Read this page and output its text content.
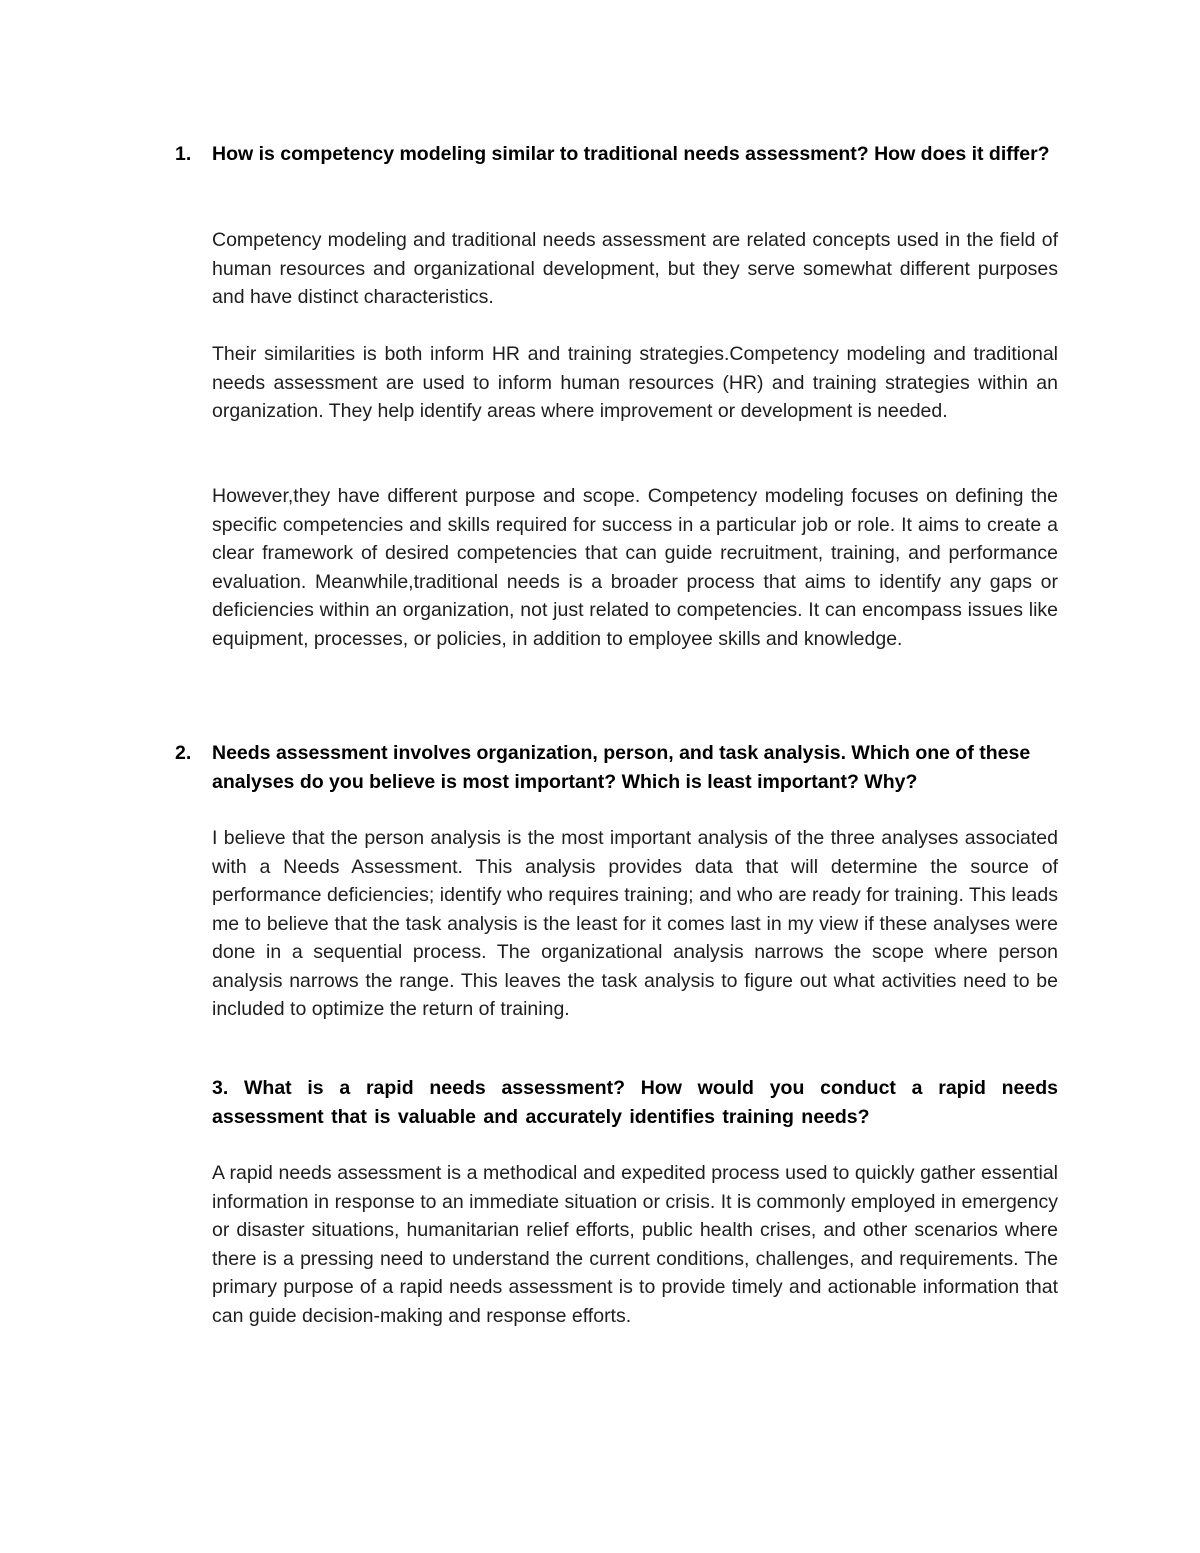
1. How is competency modeling similar to traditional needs assessment? How does it differ?

Competency modeling and traditional needs assessment are related concepts used in the field of human resources and organizational development, but they serve somewhat different purposes and have distinct characteristics.

Their similarities is both inform HR and training strategies.Competency modeling and traditional needs assessment are used to inform human resources (HR) and training strategies within an organization. They help identify areas where improvement or development is needed.

However,they have different purpose and scope. Competency modeling focuses on defining the specific competencies and skills required for success in a particular job or role. It aims to create a clear framework of desired competencies that can guide recruitment, training, and performance evaluation. Meanwhile,traditional needs is a broader process that aims to identify any gaps or deficiencies within an organization, not just related to competencies. It can encompass issues like equipment, processes, or policies, in addition to employee skills and knowledge.

2. Needs assessment involves organization, person, and task analysis. Which one of these analyses do you believe is most important? Which is least important? Why?

I believe that the person analysis is the most important analysis of the three analyses associated with a Needs Assessment. This analysis provides data that will determine the source of performance deficiencies; identify who requires training; and who are ready for training. This leads me to believe that the task analysis is the least for it comes last in my view if these analyses were done in a sequential process. The organizational analysis narrows the scope where person analysis narrows the range. This leaves the task analysis to figure out what activities need to be included to optimize the return of training.

3. What is a rapid needs assessment? How would you conduct a rapid needs assessment that is valuable and accurately identifies training needs?

A rapid needs assessment is a methodical and expedited process used to quickly gather essential information in response to an immediate situation or crisis. It is commonly employed in emergency or disaster situations, humanitarian relief efforts, public health crises, and other scenarios where there is a pressing need to understand the current conditions, challenges, and requirements. The primary purpose of a rapid needs assessment is to provide timely and actionable information that can guide decision-making and response efforts.
